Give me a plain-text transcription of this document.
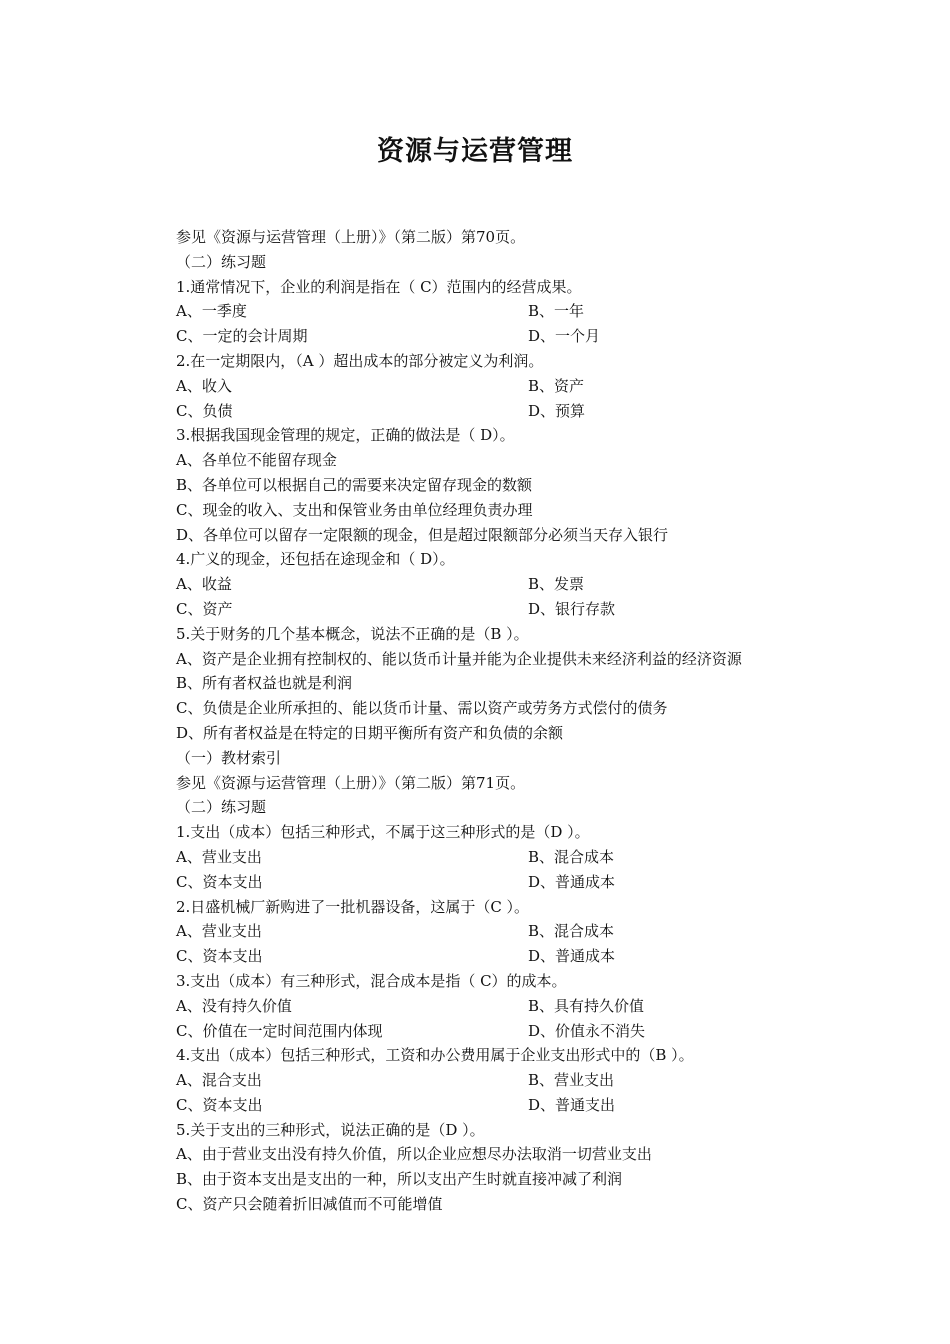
资源与运营管理
参见《资源与运营管理（上册）》（第二版）第70页。
（二）练习题
1.通常情况下，企业的利润是指在（ C）范围内的经营成果。
A、一季度	B、一年
C、一定的会计周期	D、一个月
2.在一定期限内，（A ）超出成本的部分被定义为利润。
A、收入	B、资产
C、负债	D、预算
3.根据我国现金管理的规定，正确的做法是（ D）。
A、各单位不能留存现金
B、各单位可以根据自己的需要来决定留存现金的数额
C、现金的收入、支出和保管业务由单位经理负责办理
D、各单位可以留存一定限额的现金，但是超过限额部分必须当天存入银行
4.广义的现金，还包括在途现金和（ D）。
A、收益	B、发票
C、资产	D、银行存款
5.关于财务的几个基本概念，说法不正确的是（B ）。
A、资产是企业拥有控制权的、能以货币计量并能为企业提供未来经济利益的经济资源
B、所有者权益也就是利润
C、负债是企业所承担的、能以货币计量、需以资产或劳务方式偿付的债务
D、所有者权益是在特定的日期平衡所有资产和负债的余额
（一）教材索引
参见《资源与运营管理（上册）》（第二版）第71页。
（二）练习题
1.支出（成本）包括三种形式，不属于这三种形式的是（D ）。
A、营业支出	B、混合成本
C、资本支出	D、普通成本
2.日盛机械厂新购进了一批机器设备，这属于（C ）。
A、营业支出	B、混合成本
C、资本支出	D、普通成本
3.支出（成本）有三种形式，混合成本是指（ C）的成本。
A、没有持久价值	B、具有持久价值
C、价值在一定时间范围内体现	D、价值永不消失
4.支出（成本）包括三种形式，工资和办公费用属于企业支出形式中的（B ）。
A、混合支出	B、营业支出
C、资本支出	D、普通支出
5.关于支出的三种形式，说法正确的是（D ）。
A、由于营业支出没有持久价值，所以企业应想尽办法取消一切营业支出
B、由于资本支出是支出的一种，所以支出产生时就直接冲减了利润
C、资产只会随着折旧减值而不可能增值
